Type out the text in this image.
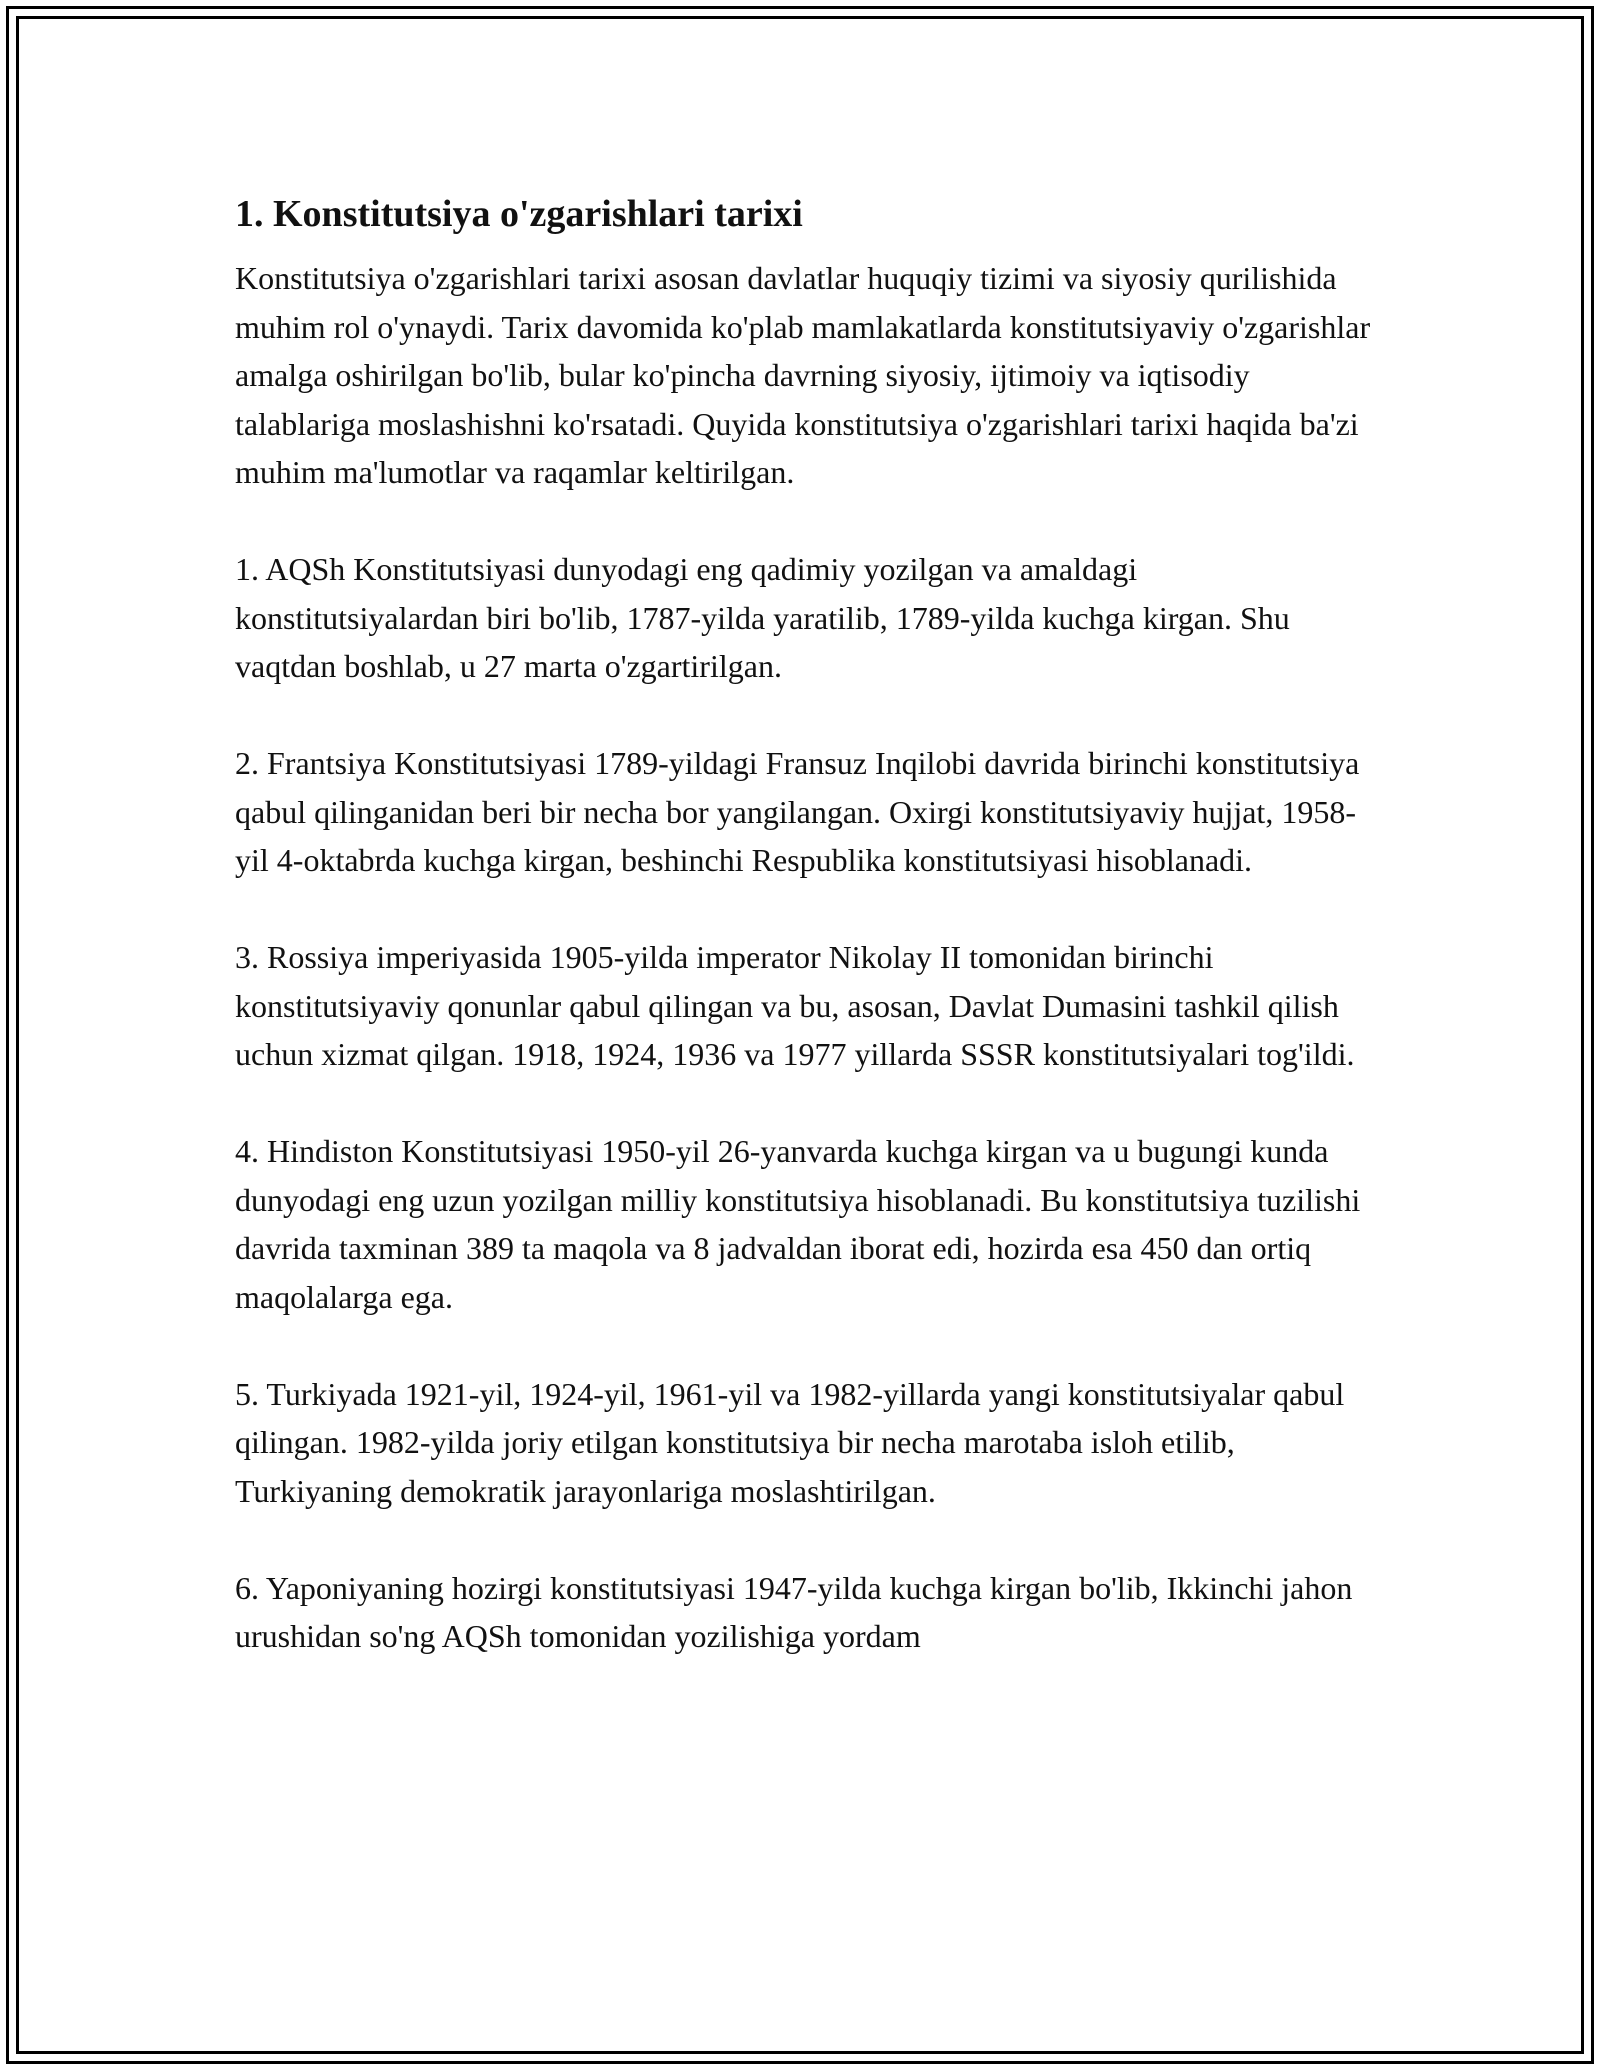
1. Konstitutsiya o'zgarishlari tarixi

Konstitutsiya o'zgarishlari tarixi asosan davlatlar huquqiy tizimi va siyosiy qurilishida muhim rol o'ynaydi. Tarix davomida ko'plab mamlakatlarda konstitutsiyaviy o'zgarishlar amalga oshirilgan bo'lib, bular ko'pincha davrning siyosiy, ijtimoiy va iqtisodiy talablariga moslashishni ko'rsatadi. Quyida konstitutsiya o'zgarishlari tarixi haqida ba'zi muhim ma'lumotlar va raqamlar keltirilgan.

1. AQSh Konstitutsiyasi dunyodagi eng qadimiy yozilgan va amaldagi konstitutsiyalardan biri bo'lib, 1787-yilda yaratilib, 1789-yilda kuchga kirgan. Shu vaqtdan boshlab, u 27 marta o'zgartirilgan.

2. Frantsiya Konstitutsiyasi 1789-yildagi Fransuz Inqilobi davrida birinchi konstitutsiya qabul qilinganidan beri bir necha bor yangilangan. Oxirgi konstitutsiyaviy hujjat, 1958-yil 4-oktabrda kuchga kirgan, beshinchi Respublika konstitutsiyasi hisoblanadi.

3. Rossiya imperiyasida 1905-yilda imperator Nikolay II tomonidan birinchi konstitutsiyaviy qonunlar qabul qilingan va bu, asosan, Davlat Dumasini tashkil qilish uchun xizmat qilgan. 1918, 1924, 1936 va 1977 yillarda SSSR konstitutsiyalari tog'ildi.

4. Hindiston Konstitutsiyasi 1950-yil 26-yanvarda kuchga kirgan va u bugungi kunda dunyodagi eng uzun yozilgan milliy konstitutsiya hisoblanadi. Bu konstitutsiya tuzilishi davrida taxminan 389 ta maqola va 8 jadvaldan iborat edi, hozirda esa 450 dan ortiq maqolalarga ega.

5. Turkiyada 1921-yil, 1924-yil, 1961-yil va 1982-yillarda yangi konstitutsiyalar qabul qilingan. 1982-yilda joriy etilgan konstitutsiya bir necha marotaba isloh etilib, Turkiyaning demokratik jarayonlariga moslashtirilgan.

6. Yaponiyaning hozirgi konstitutsiyasi 1947-yilda kuchga kirgan bo'lib, Ikkinchi jahon urushidan so'ng AQSh tomonidan yozilishiga yordam
